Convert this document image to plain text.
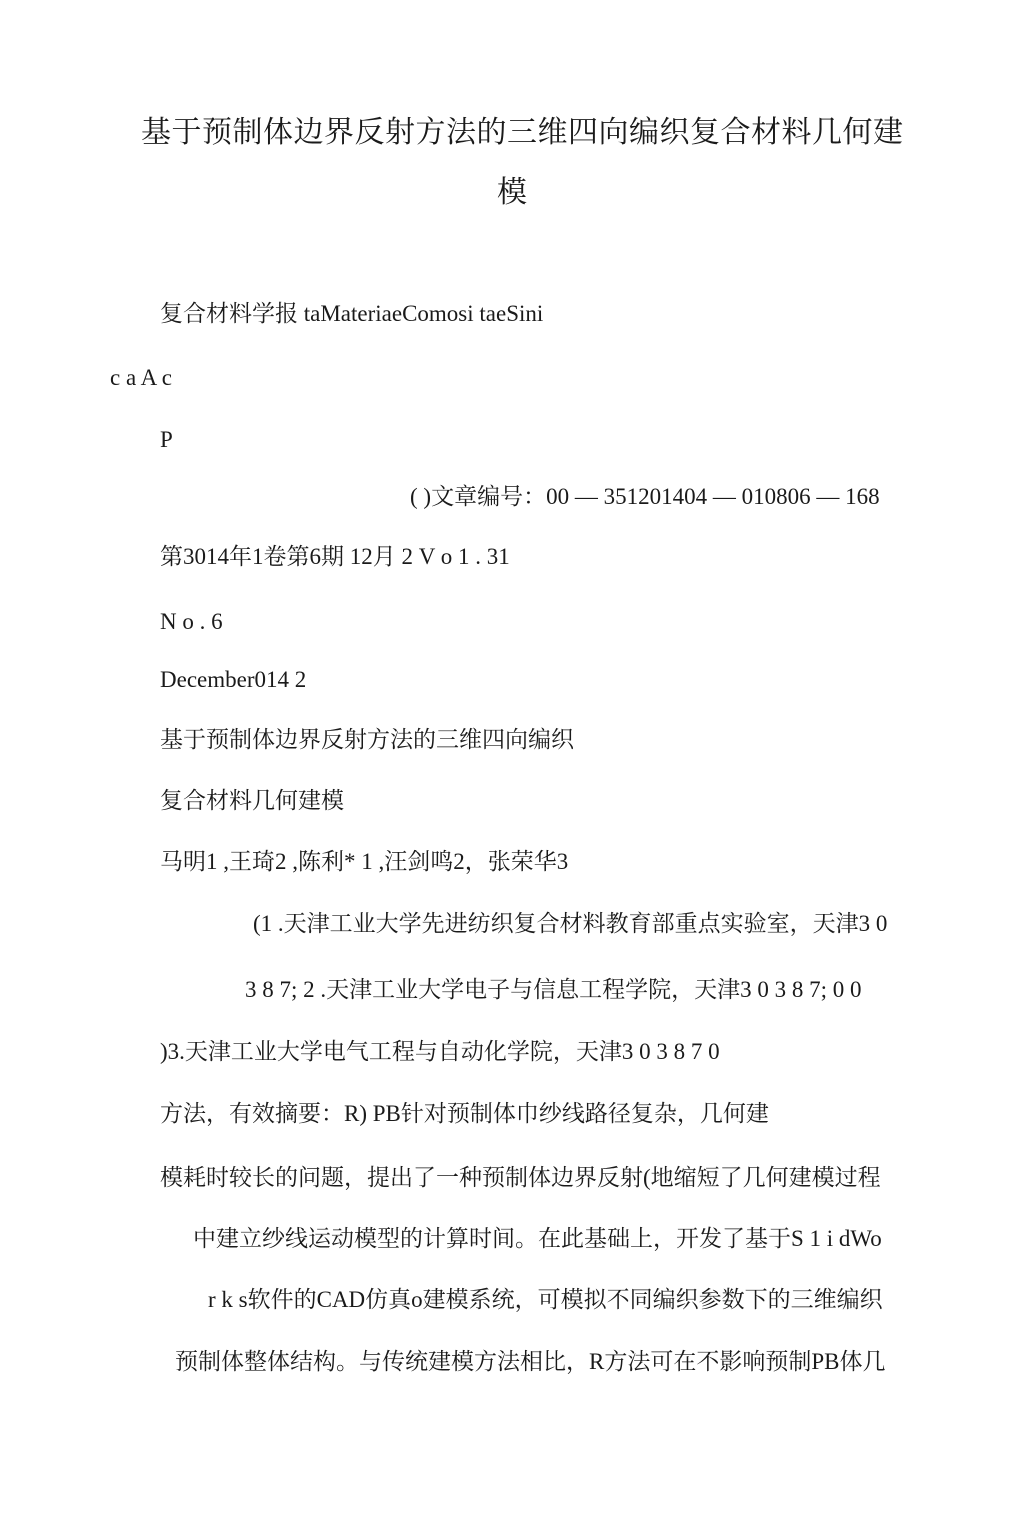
基于预制体边界反射方法的三维四向编织复合材料几何建
模
复合材料学报 taMateriaeComosi taeSini
c a A c
P
( )文章编号：00 — 351201404 — 010806 — 168
第3014年1卷第6期 12月 2 V o 1 . 31
N o . 6
December014 2
基于预制体边界反射方法的三维四向编织
复合材料几何建模
马明1 ,王琦2 ,陈利* 1 ,汪剑鸣2，张荣华3
(1 .天津工业大学先进纺织复合材料教育部重点实验室，天津3 0
3 8 7; 2 .天津工业大学电子与信息工程学院，天津3 0 3 8 7; 0 0
)3.天津工业大学电气工程与自动化学院，天津3 0 3 8 7 0
方法，有效摘要：R) PB针对预制体巾纱线路径复杂，几何建
模耗时较长的问题，提出了一种预制体边界反射(地缩短了几何建模过程
中建立纱线运动模型的计算时间。在此基础上，开发了基于S 1 i dWo
r k s软件的CAD仿真o建模系统，可模拟不同编织参数下的三维编织
预制体整体结构。与传统建模方法相比，R方法可在不影响预制PB体几
